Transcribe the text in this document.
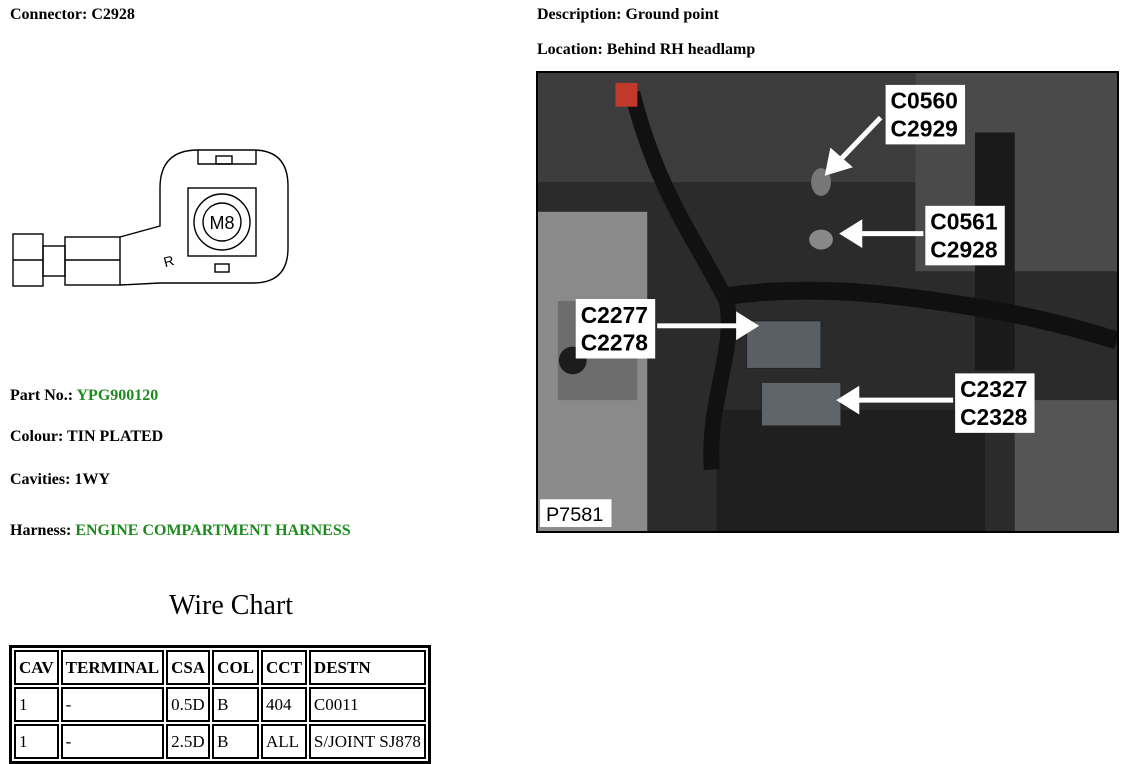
Connector: C2928	Description: Ground point
Location: Behind RH headlamp
M8
R
C0560
C2929
C0561
C2928
C2277
C2278
C2327
C2328
P7581
Part No.: YPG900120
Colour: TIN PLATED
Cavities: 1WY
Harness: ENGINE COMPARTMENT HARNESS
Wire Chart
CAV	TERMINAL	CSA	COL	CCT	DESTN
1	-	0.5D	B	404	C0011
1	-	2.5D	B	ALL	S/JOINT SJ878
